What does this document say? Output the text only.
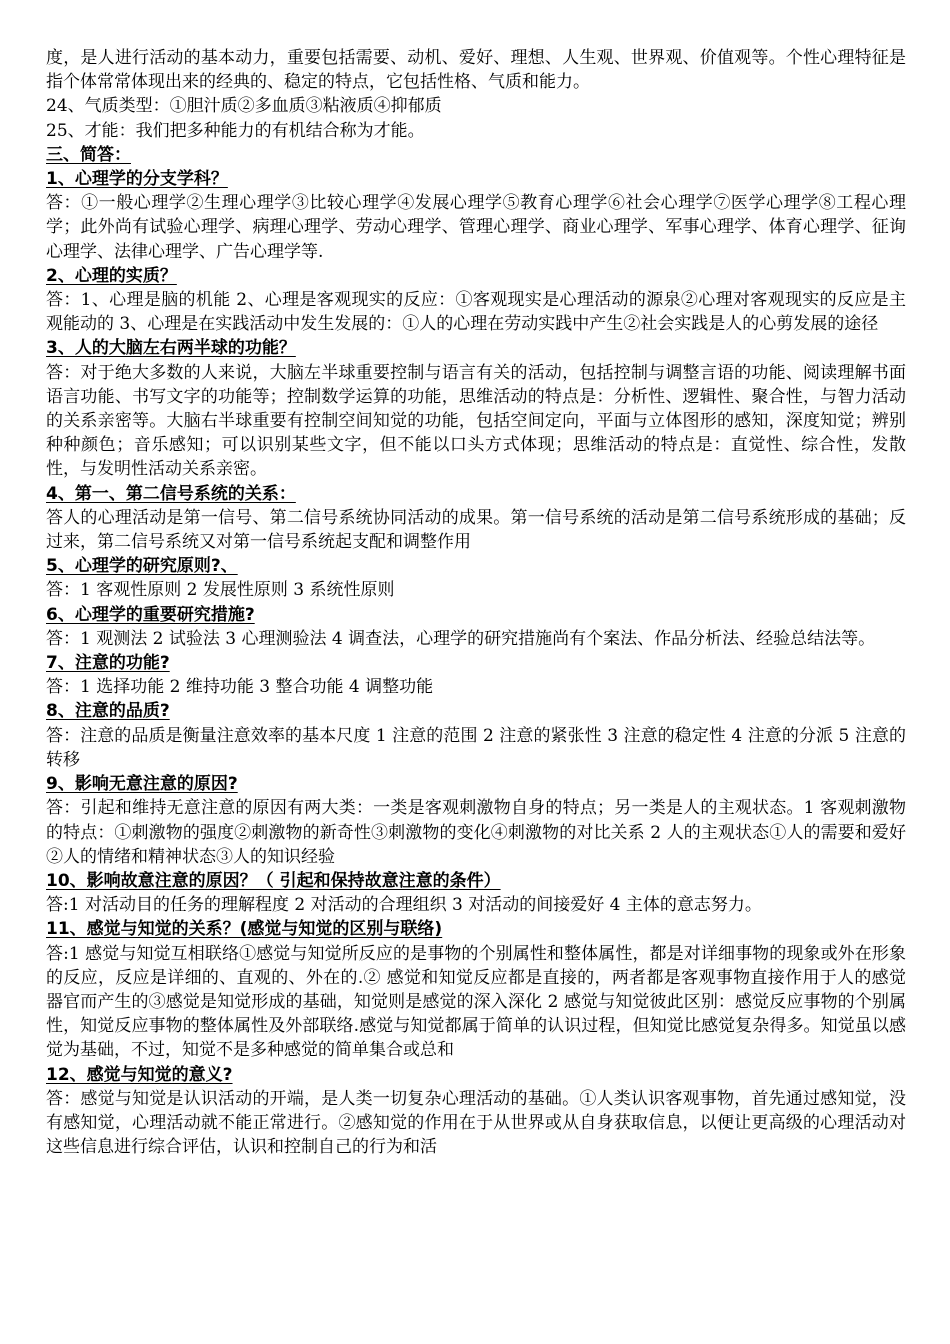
度，是人进行活动的基本动力，重要包括需要、动机、爱好、理想、人生观、世界观、价值观等。个性心理特征是指个体常常体现出来的经典的、稳定的特点，它包括性格、气质和能力。

24、气质类型：①胆汁质②多血质③粘液质④抑郁质

25、才能：我们把多种能力的有机结合称为才能。

三、简答：

1、心理学的分支学科？

答：①一般心理学②生理心理学③比较心理学④发展心理学⑤教育心理学⑥社会心理学⑦医学心理学⑧工程心理学；此外尚有试验心理学、病理心理学、劳动心理学、管理心理学、商业心理学、军事心理学、体育心理学、征询心理学、法律心理学、广告心理学等.

2、心理的实质？

答：1、心理是脑的机能 2、心理是客观现实的反应：①客观现实是心理活动的源泉②心理对客观现实的反应是主观能动的 3、心理是在实践活动中发生发展的：①人的心理在劳动实践中产生②社会实践是人的心剪发展的途径

3、人的大脑左右两半球的功能？

答：对于绝大多数的人来说，大脑左半球重要控制与语言有关的活动，包括控制与调整言语的功能、阅读理解书面语言功能、书写文字的功能等；控制数学运算的功能，思维活动的特点是：分析性、逻辑性、聚合性，与智力活动的关系亲密等。大脑右半球重要有控制空间知觉的功能，包括空间定向，平面与立体图形的感知，深度知觉；辨别种种颜色；音乐感知；可以识别某些文字，但不能以口头方式体现；思维活动的特点是：直觉性、综合性，发散性，与发明性活动关系亲密。

4、第一、第二信号系统的关系：

答人的心理活动是第一信号、第二信号系统协同活动的成果。第一信号系统的活动是第二信号系统形成的基础；反过来，第二信号系统又对第一信号系统起支配和调整作用

5、心理学的研究原则?、

答：1 客观性原则 2 发展性原则 3 系统性原则

6、心理学的重要研究措施?

答：1 观测法 2 试验法 3 心理测验法 4 调查法，心理学的研究措施尚有个案法、作品分析法、经验总结法等。

7、注意的功能?

答：1 选择功能 2 维持功能 3 整合功能 4 调整功能

8、注意的品质?

答：注意的品质是衡量注意效率的基本尺度 1 注意的范围 2 注意的紧张性 3 注意的稳定性 4 注意的分派 5 注意的转移

9、影响无意注意的原因?

答：引起和维持无意注意的原因有两大类：一类是客观刺激物自身的特点；另一类是人的主观状态。1 客观刺激物的特点：①刺激物的强度②刺激物的新奇性③刺激物的变化④刺激物的对比关系 2 人的主观状态①人的需要和爱好②人的情绪和精神状态③人的知识经验

10、影响故意注意的原因？（ 引起和保持故意注意的条件）

答:1 对活动目的任务的理解程度 2 对活动的合理组织 3 对活动的间接爱好 4 主体的意志努力。

11、感觉与知觉的关系？(感觉与知觉的区别与联络)

答:1 感觉与知觉互相联络①感觉与知觉所反应的是事物的个别属性和整体属性，都是对详细事物的现象或外在形象的反应，反应是详细的、直观的、外在的.② 感觉和知觉反应都是直接的，两者都是客观事物直接作用于人的感觉器官而产生的③感觉是知觉形成的基础，知觉则是感觉的深入深化 2 感觉与知觉彼此区别：感觉反应事物的个别属性，知觉反应事物的整体属性及外部联络.感觉与知觉都属于简单的认识过程，但知觉比感觉复杂得多。知觉虽以感觉为基础，不过，知觉不是多种感觉的简单集合或总和

12、感觉与知觉的意义?

答：感觉与知觉是认识活动的开端，是人类一切复杂心理活动的基础。①人类认识客观事物，首先通过感知觉，没有感知觉，心理活动就不能正常进行。②感知觉的作用在于从世界或从自身获取信息，以便让更高级的心理活动对这些信息进行综合评估，认识和控制自己的行为和活
